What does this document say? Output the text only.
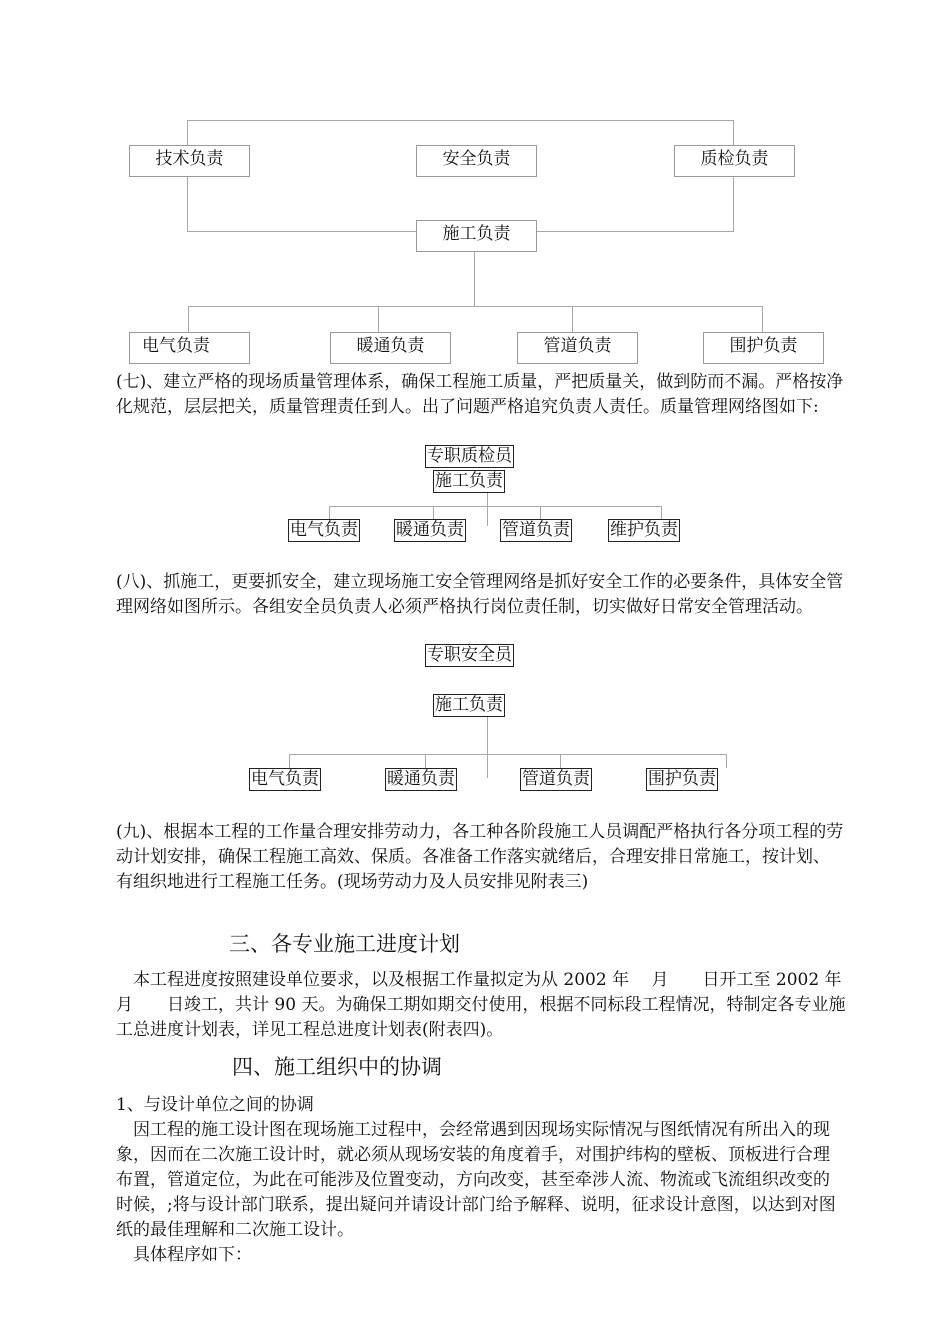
技术负责	安全负责	质检负责
施工负责
电气负责	暖通负责	管道负责	围护负责

(七)、建立严格的现场质量管理体系，确保工程施工质量，严把质量关，做到防而不漏。严格按净化规范，层层把关，质量管理责任到人。出了问题严格追究负责人责任。质量管理网络图如下:

专职质检员
施工负责
电气负责 暖通负责 管道负责 维护负责

(八)、抓施工，更要抓安全，建立现场施工安全管理网络是抓好安全工作的必要条件，具体安全管理网络如图所示。各组安全员负责人必须严格执行岗位责任制，切实做好日常安全管理活动。

专职安全员
施工负责
电气负责	暖通负责	管道负责	围护负责

(九)、根据本工程的工作量合理安排劳动力，各工种各阶段施工人员调配严格执行各分项工程的劳动计划安排，确保工程施工高效、保质。各准备工作落实就绪后，合理安排日常施工，按计划、有组织地进行工程施工任务。(现场劳动力及人员安排见附表三)

三、各专业施工进度计划

　本工程进度按照建设单位要求，以及根据工作量拟定为从 2002 年　 月　　日开工至 2002 年　 月　　日竣工，共计 90 天。为确保工期如期交付使用，根据不同标段工程情况，特制定各专业施工总进度计划表，详见工程总进度计划表(附表四)。

四、施工组织中的协调

1、与设计单位之间的协调

　因工程的施工设计图在现场施工过程中，会经常遇到因现场实际情况与图纸情况有所出入的现象，因而在二次施工设计时，就必须从现场安装的角度着手，对围护纬构的壁板、顶板进行合理布置，管道定位，为此在可能涉及位置变动，方向改变，甚至牵涉人流、物流或飞流组织改变的时候，;将与设计部门联系，提出疑问并请设计部门给予解释、说明，征求设计意图，以达到对图纸的最佳理解和二次施工设计。

　具体程序如下：
